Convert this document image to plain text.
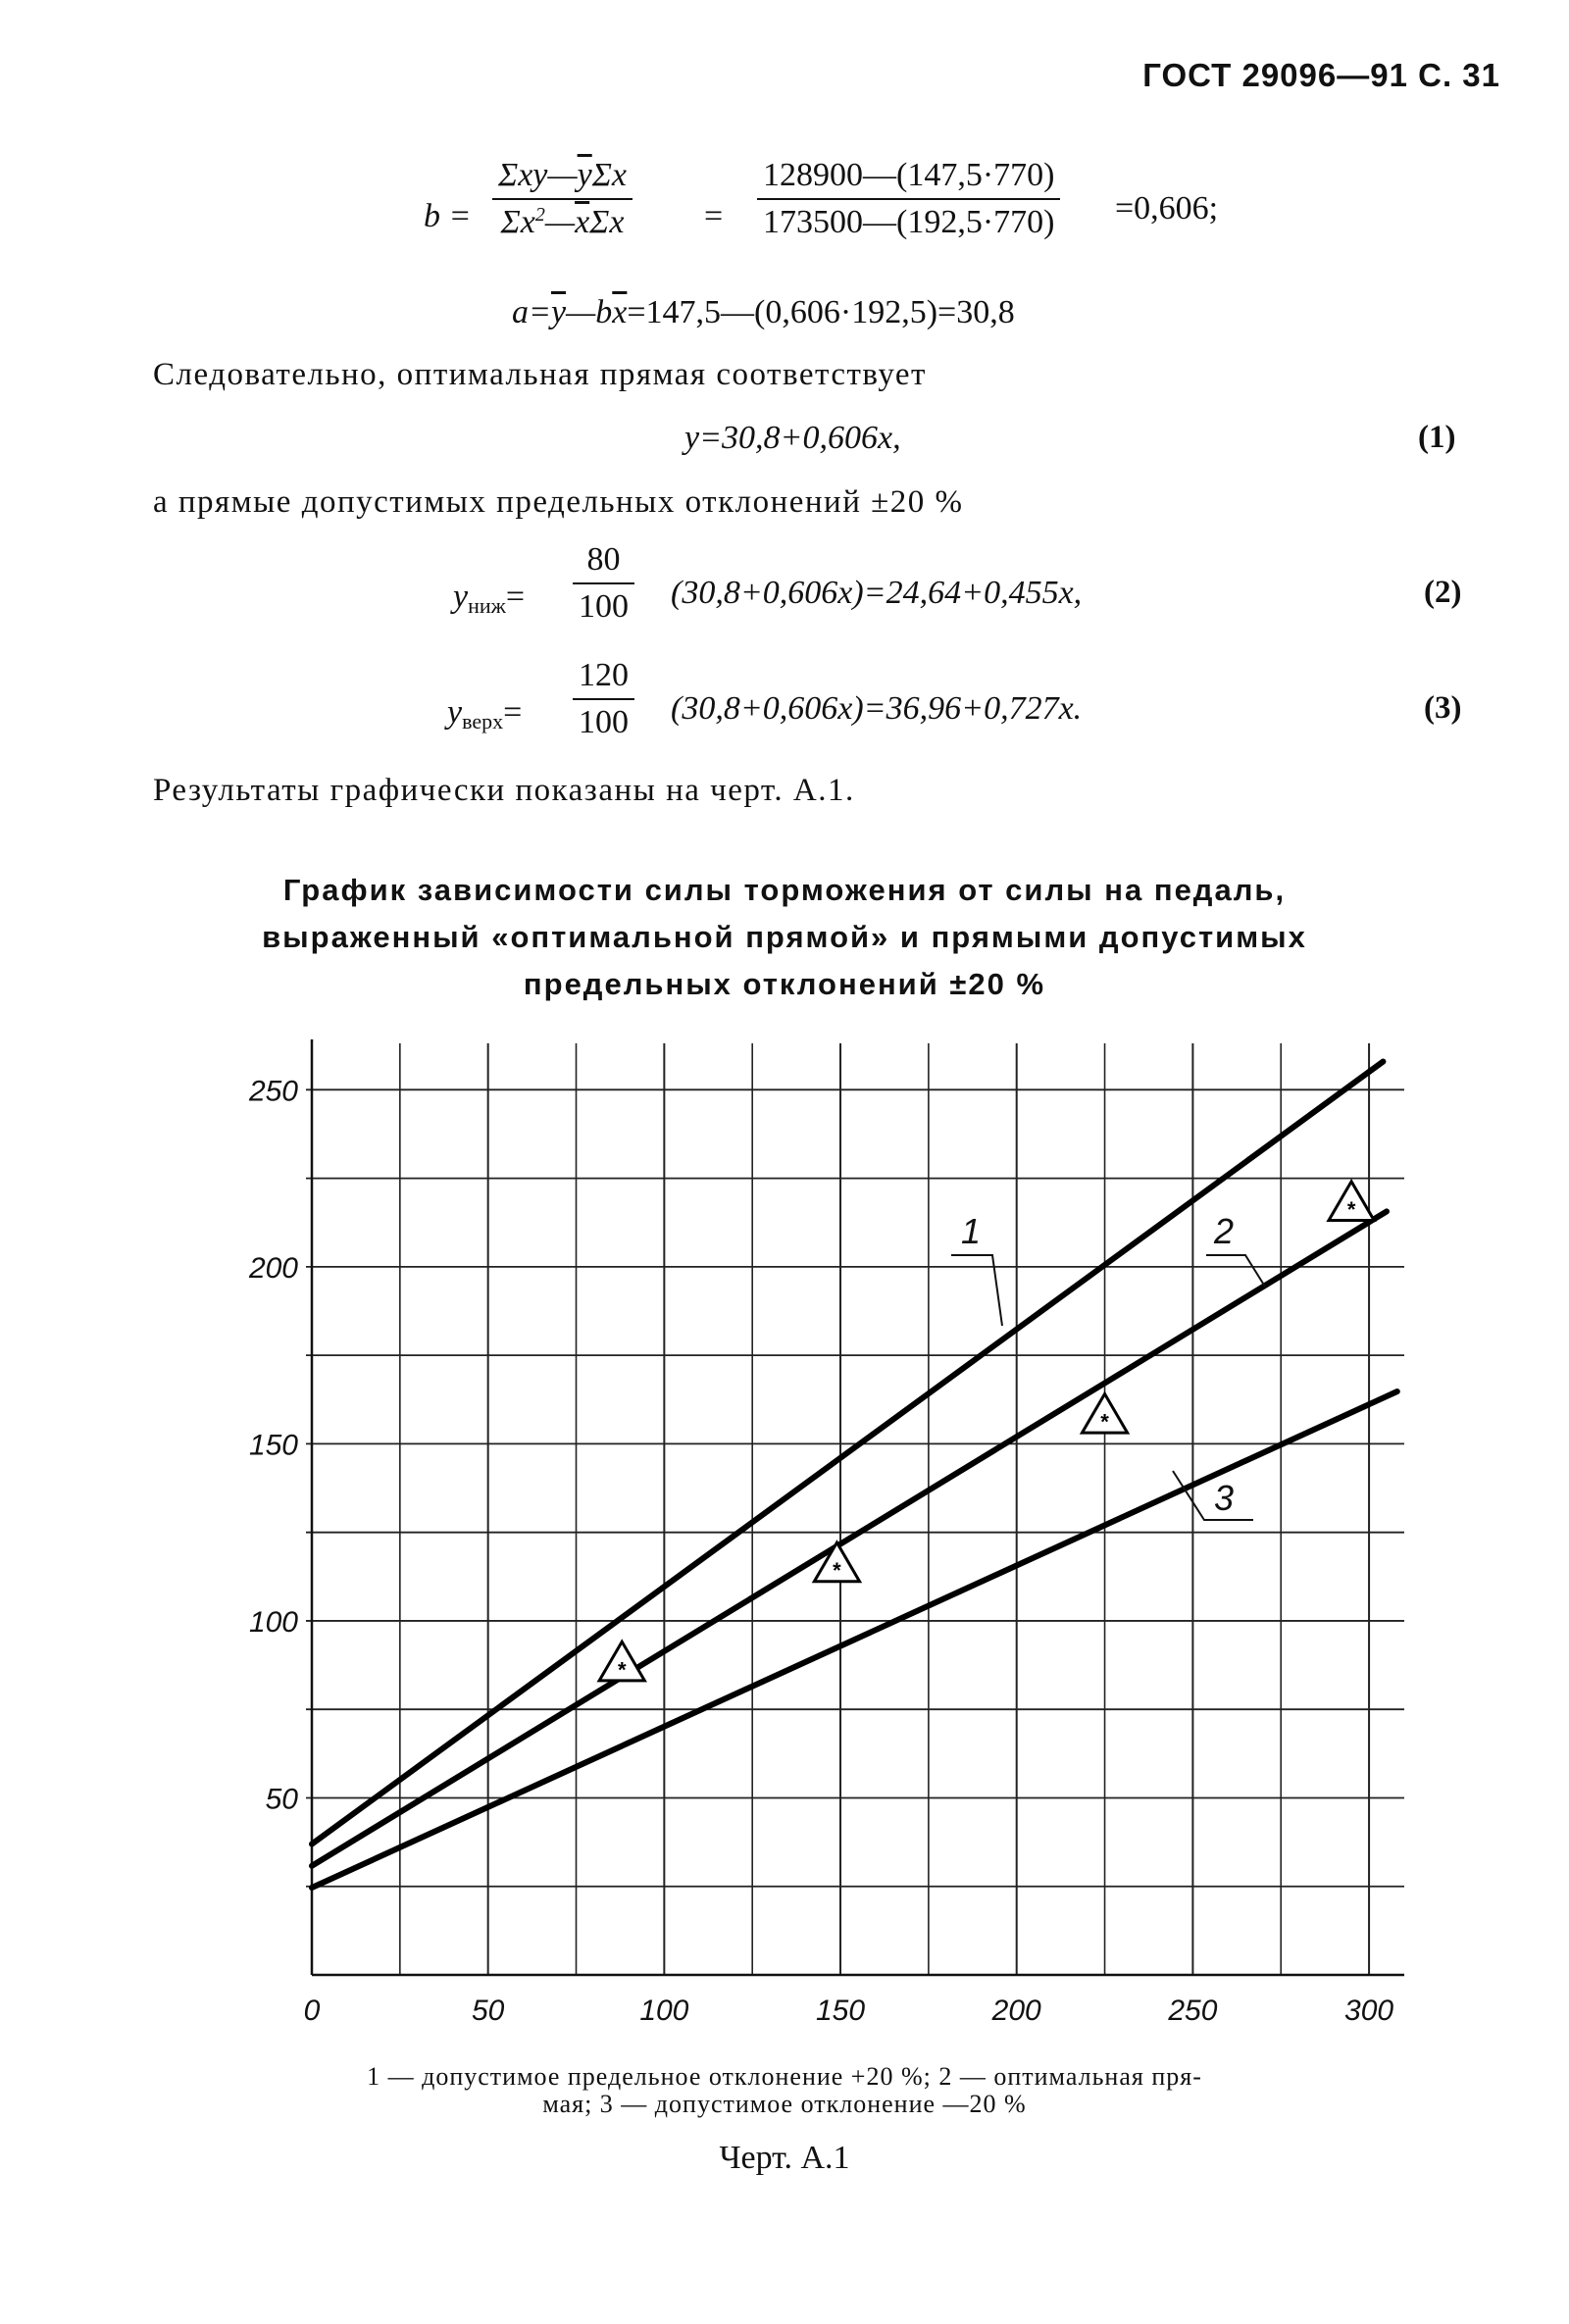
ГОСТ 29096—91 С. 31
b =
$\Sigma xy—\overline{y}\Sigma x$
$\Sigma x^2—\overline{x}\Sigma x = \frac{128900—(147,5\cdot 770)}{173500—(192,5\cdot 770)} =0,606$;
$a=\overline{y}—b\overline{x}=147,5—(0,606\cdot 192,5)=30,8$
Следовательно, оптимальная прямая соответствует
y=30,8+0,606x,	(1)
а прямые допустимых предельных отклонений ±20 %
$y_{ниж}= \frac{80}{100} (30,8+0,606x)=24,64+0,455x$,	(2)
$y_{верх}= \frac{120}{100} (30,8+0,606x)=36,96+0,727x$.	(3)
Результаты графически показаны на черт. А.1.
График зависимости силы торможения от силы на педаль,
выраженный «оптимальной прямой» и прямыми допустимых
предельных отклонений ±20 %
*
*
*
*
0	50	100	150	200	250	300
50
100
150
200
250
1	2
3
1 — допустимое предельное отклонение +20 %; 2 — оптимальная пря-
мая; 3 — допустимое отклонение —20 %
Черт. А.1
